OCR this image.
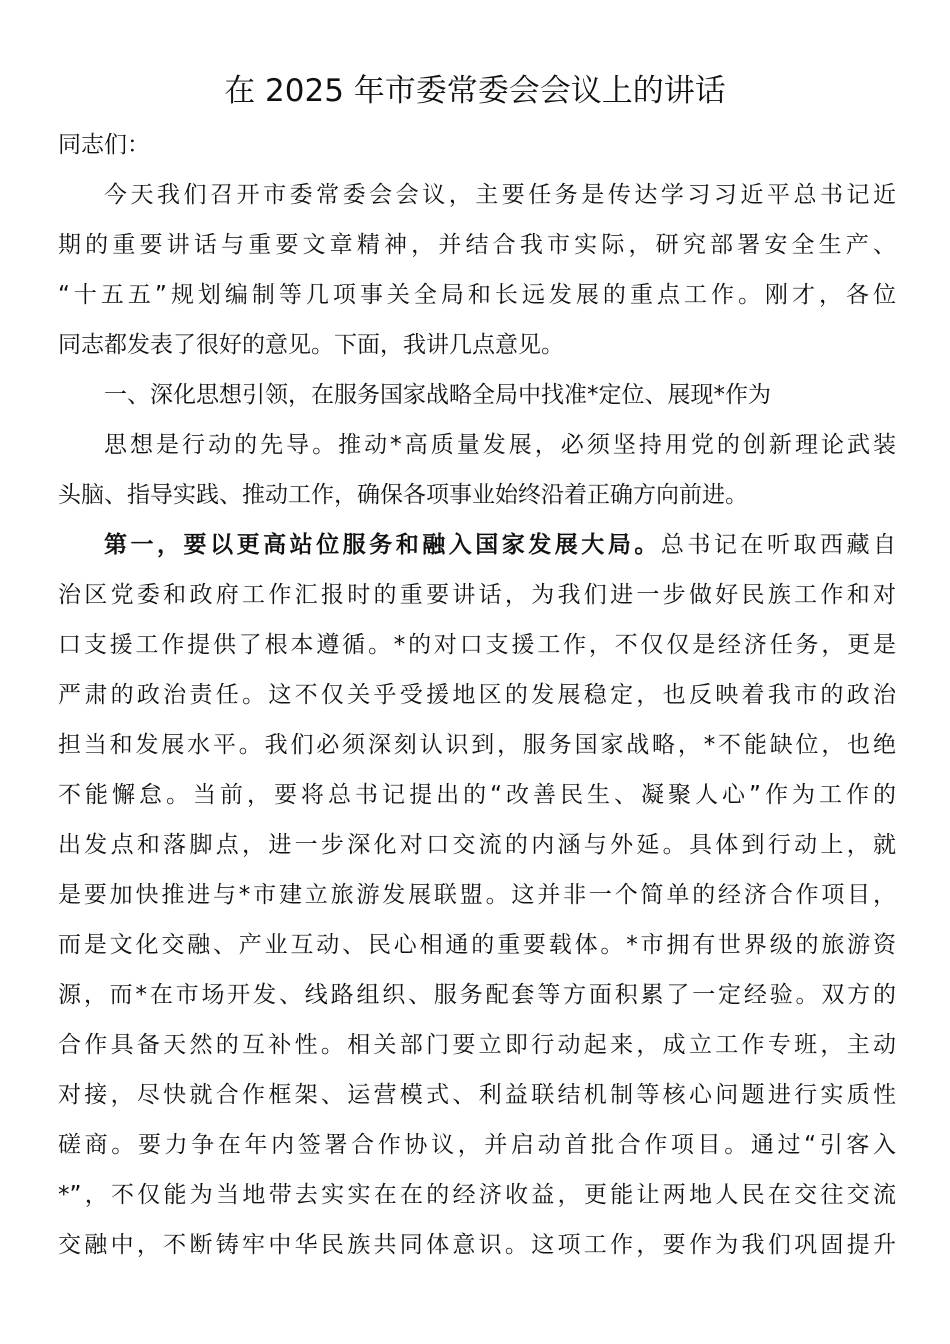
在 2025 年市委常委会会议上的讲话
同志们：
今天我们召开市委常委会会议，主要任务是传达学习习近平总书记近
期的重要讲话与重要文章精神，并结合我市实际，研究部署安全生产、
“十五五”规划编制等几项事关全局和长远发展的重点工作。刚才，各位
同志都发表了很好的意见。下面，我讲几点意见。
一、深化思想引领，在服务国家战略全局中找准*定位、展现*作为
思想是行动的先导。推动*高质量发展，必须坚持用党的创新理论武装
头脑、指导实践、推动工作，确保各项事业始终沿着正确方向前进。
第一，要以更高站位服务和融入国家发展大局。总书记在听取西藏自
治区党委和政府工作汇报时的重要讲话，为我们进一步做好民族工作和对
口支援工作提供了根本遵循。*的对口支援工作，不仅仅是经济任务，更是
严肃的政治责任。这不仅关乎受援地区的发展稳定，也反映着我市的政治
担当和发展水平。我们必须深刻认识到，服务国家战略，*不能缺位，也绝
不能懈怠。当前，要将总书记提出的“改善民生、凝聚人心”作为工作的
出发点和落脚点，进一步深化对口交流的内涵与外延。具体到行动上，就
是要加快推进与*市建立旅游发展联盟。这并非一个简单的经济合作项目，
而是文化交融、产业互动、民心相通的重要载体。*市拥有世界级的旅游资
源，而*在市场开发、线路组织、服务配套等方面积累了一定经验。双方的
合作具备天然的互补性。相关部门要立即行动起来，成立工作专班，主动
对接，尽快就合作框架、运营模式、利益联结机制等核心问题进行实质性
磋商。要力争在年内签署合作协议，并启动首批合作项目。通过“引客入
*”，不仅能为当地带去实实在在的经济收益，更能让两地人民在交往交流
交融中，不断铸牢中华民族共同体意识。这项工作，要作为我们巩固提升
